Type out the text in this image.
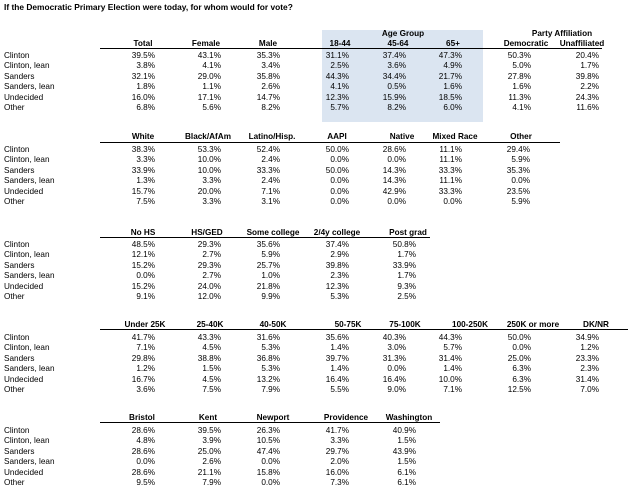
If the Democratic Primary Election were today, for whom would for vote?
Age Group	Party Affiliation
Total	Female	Male	18-44	45-64	65+	Democratic	Unaffiliated
Clinton	39.5%	43.1%	35.3%	31.1%	37.4%	47.3%	50.3%	20.4%
Clinton, lean	3.8%	4.1%	3.4%	2.5%	3.6%	4.9%	5.0%	1.7%
Sanders	32.1%	29.0%	35.8%	44.3%	34.4%	21.7%	27.8%	39.8%
Sanders, lean	1.8%	1.1%	2.6%	4.1%	0.5%	1.6%	1.6%	2.2%
Undecided	16.0%	17.1%	14.7%	12.3%	15.9%	18.5%	11.3%	24.3%
Other	6.8%	5.6%	8.2%	5.7%	8.2%	6.0%	4.1%	11.6%
White	Black/AfAm	Latino/Hisp.	AAPI	Native	Mixed Race	Other
Clinton	38.3%	53.3%	52.4%	50.0%	28.6%	11.1%	29.4%
Clinton, lean	3.3%	10.0%	2.4%	0.0%	0.0%	11.1%	5.9%
Sanders	33.9%	10.0%	33.3%	50.0%	14.3%	33.3%	35.3%
Sanders, lean	1.3%	3.3%	2.4%	0.0%	14.3%	11.1%	0.0%
Undecided	15.7%	20.0%	7.1%	0.0%	42.9%	33.3%	23.5%
Other	7.5%	3.3%	3.1%	0.0%	0.0%	0.0%	5.9%
No HS	HS/GED	Some college	2/4y college	Post grad
Clinton	48.5%	29.3%	35.6%	37.4%	50.8%
Clinton, lean	12.1%	2.7%	5.9%	2.9%	1.7%
Sanders	15.2%	29.3%	25.7%	39.8%	33.9%
Sanders, lean	0.0%	2.7%	1.0%	2.3%	1.7%
Undecided	15.2%	24.0%	21.8%	12.3%	9.3%
Other	9.1%	12.0%	9.9%	5.3%	2.5%
Under 25K	25-40K	40-50K	50-75K	75-100K	100-250K	250K or more	DK/NR
Clinton	41.7%	43.3%	31.6%	35.6%	40.3%	44.3%	50.0%	34.9%
Clinton, lean	7.1%	4.5%	5.3%	1.4%	3.0%	5.7%	0.0%	1.2%
Sanders	29.8%	38.8%	36.8%	39.7%	31.3%	31.4%	25.0%	23.3%
Sanders, lean	1.2%	1.5%	5.3%	1.4%	0.0%	1.4%	6.3%	2.3%
Undecided	16.7%	4.5%	13.2%	16.4%	16.4%	10.0%	6.3%	31.4%
Other	3.6%	7.5%	7.9%	5.5%	9.0%	7.1%	12.5%	7.0%
Bristol	Kent	Newport	Providence	Washington
Clinton	28.6%	39.5%	26.3%	41.7%	40.9%
Clinton, lean	4.8%	3.9%	10.5%	3.3%	1.5%
Sanders	28.6%	25.0%	47.4%	29.7%	43.9%
Sanders, lean	0.0%	2.6%	0.0%	2.0%	1.5%
Undecided	28.6%	21.1%	15.8%	16.0%	6.1%
Other	9.5%	7.9%	0.0%	7.3%	6.1%
